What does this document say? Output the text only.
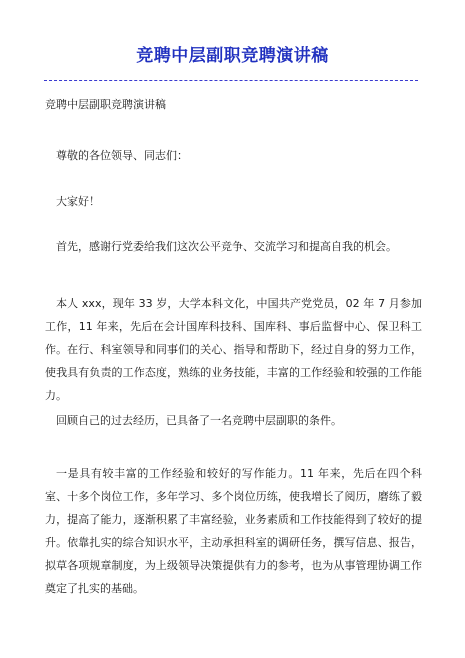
竞聘中层副职竞聘演讲稿
竞聘中层副职竞聘演讲稿

尊敬的各位领导、同志们：

大家好！

首先，感谢行党委给我们这次公平竞争、交流学习和提高自我的机会。

本人 xxx，现年 33 岁，大学本科文化，中国共产党党员，02 年 7 月参加工作，11 年来，先后在会计国库科技科、国库科、事后监督中心、保卫科工作。在行、科室领导和同事们的关心、指导和帮助下，经过自身的努力工作，使我具有负责的工作态度，熟练的业务技能，丰富的工作经验和较强的工作能力。

回顾自己的过去经历，已具备了一名竞聘中层副职的条件。

一是具有较丰富的工作经验和较好的写作能力。11 年来，先后在四个科室、十多个岗位工作，多年学习、多个岗位历练，使我增长了阅历，磨练了毅力，提高了能力，逐渐积累了丰富经验，业务素质和工作技能得到了较好的提升。依靠扎实的综合知识水平，主动承担科室的调研任务，撰写信息、报告，拟草各项规章制度，为上级领导决策提供有力的参考，也为从事管理协调工作奠定了扎实的基础。
